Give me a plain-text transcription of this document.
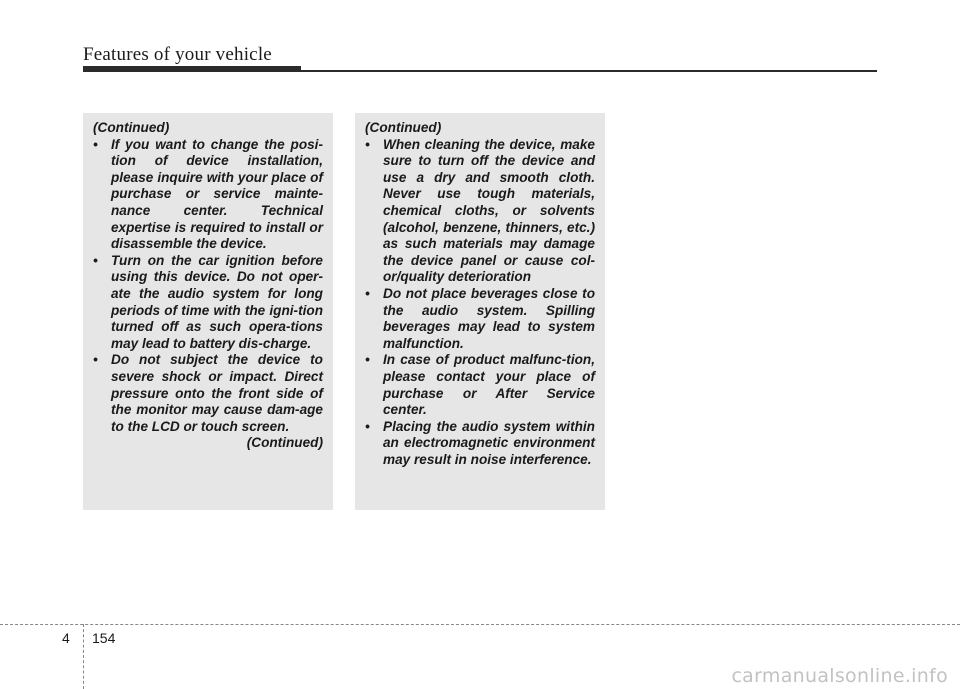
Features of your vehicle

(Continued)

• If you want to change the posi-tion of device installation, please inquire with your place of purchase or service mainte-nance center. Technical expertise is required to install or disassemble the device.
• Turn on the car ignition before using this device. Do not oper-ate the audio system for long periods of time with the igni-tion turned off as such opera-tions may lead to battery dis-charge.
• Do not subject the device to severe shock or impact. Direct pressure onto the front side of the monitor may cause dam-age to the LCD or touch screen.

(Continued)

(Continued)

• When cleaning the device, make sure to turn off the device and use a dry and smooth cloth. Never use tough materials, chemical cloths, or solvents (alcohol, benzene, thinners, etc.) as such materials may damage the device panel or cause col-or/quality deterioration
• Do not place beverages close to the audio system. Spilling beverages may lead to system malfunction.
• In case of product malfunc-tion, please contact your place of purchase or After Service center.
• Placing the audio system within an electromagnetic environment may result in noise interference.
4 154
carmanualsonline.info
